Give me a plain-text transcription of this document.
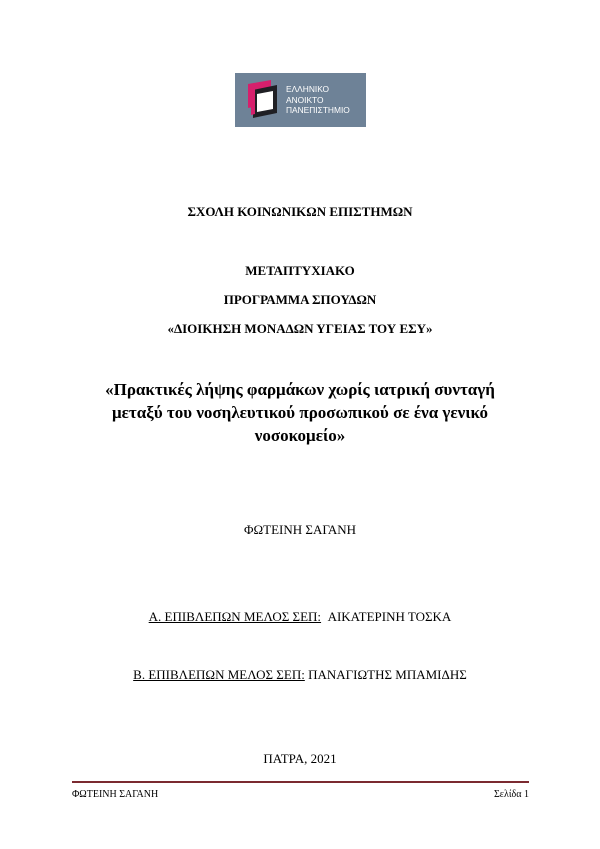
ΕΛΛΗΝΙΚΟ
ΑΝΟΙΚΤΟ
ΠΑΝΕΠΙΣΤΗΜΙΟ
ΣΧΟΛΗ ΚΟΙΝΩΝΙΚΩΝ ΕΠΙΣΤΗΜΩΝ
ΜΕΤΑΠΤΥΧΙΑΚΟ
ΠΡΟΓΡΑΜΜΑ ΣΠΟΥΔΩΝ
«ΔΙΟΙΚΗΣΗ ΜΟΝΑΔΩΝ ΥΓΕΙΑΣ ΤΟΥ ΕΣΥ»
«Πρακτικές λήψης φαρμάκων χωρίς ιατρική συνταγή
μεταξύ του νοσηλευτικού προσωπικού σε ένα γενικό
νοσοκομείο»
ΦΩΤΕΙΝΗ ΣΑΓΑΝΗ
Α. ΕΠΙΒΛΕΠΩΝ ΜΕΛΟΣ ΣΕΠ: ΑΙΚΑΤΕΡΙΝΗ ΤΟΣΚΑ
Β. ΕΠΙΒΛΕΠΩΝ ΜΕΛΟΣ ΣΕΠ: ΠΑΝΑΓΙΩΤΗΣ ΜΠΑΜΙΔΗΣ
ΠΑΤΡΑ, 2021
ΦΩΤΕΙΝΗ ΣΑΓΑΝΗ	Σελίδα 1
